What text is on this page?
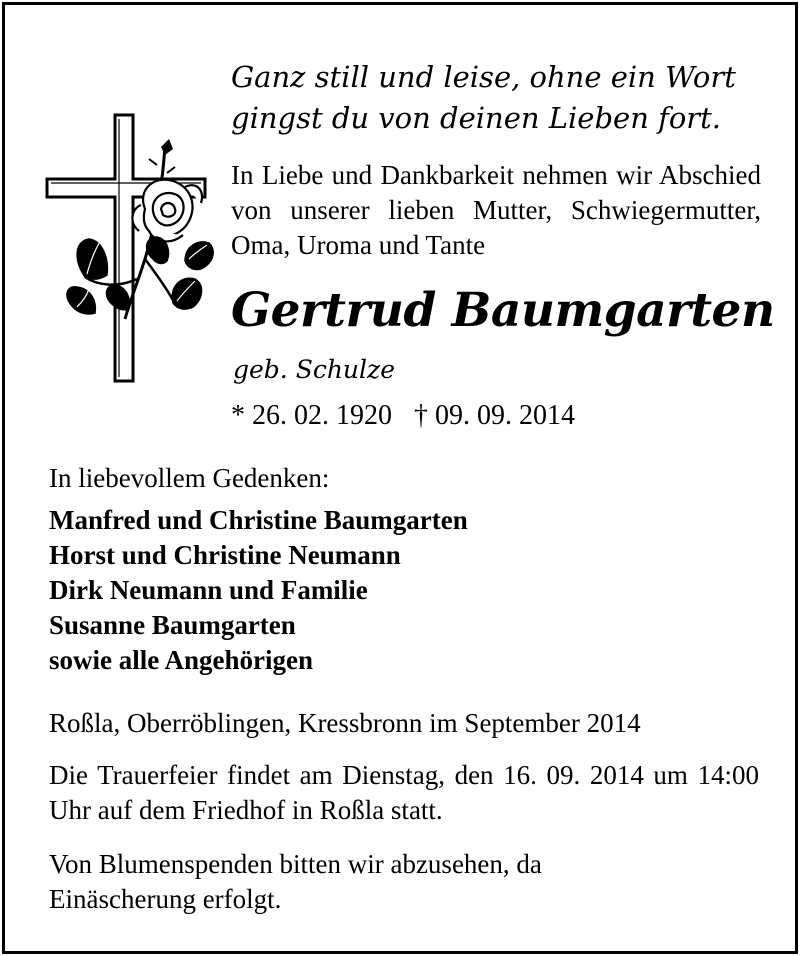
Ganz still und leise, ohne ein Wort
gingst du von deinen Lieben fort.
In Liebe und Dankbarkeit nehmen wir Abschied von unserer lieben Mutter, Schwiegermutter, Oma, Uroma und Tante
Gertrud Baumgarten
geb. Schulze
* 26. 02. 1920 † 09. 09. 2014
In liebevollem Gedenken:
Manfred und Christine Baumgarten
Horst und Christine Neumann
Dirk Neumann und Familie
Susanne Baumgarten
sowie alle Angehörigen
Roßla, Oberröblingen, Kressbronn im September 2014
Die Trauerfeier findet am Dienstag, den 16. 09. 2014 um 14:00 Uhr auf dem Friedhof in Roßla statt.
Von Blumenspenden bitten wir abzusehen, da Einäscherung erfolgt.
